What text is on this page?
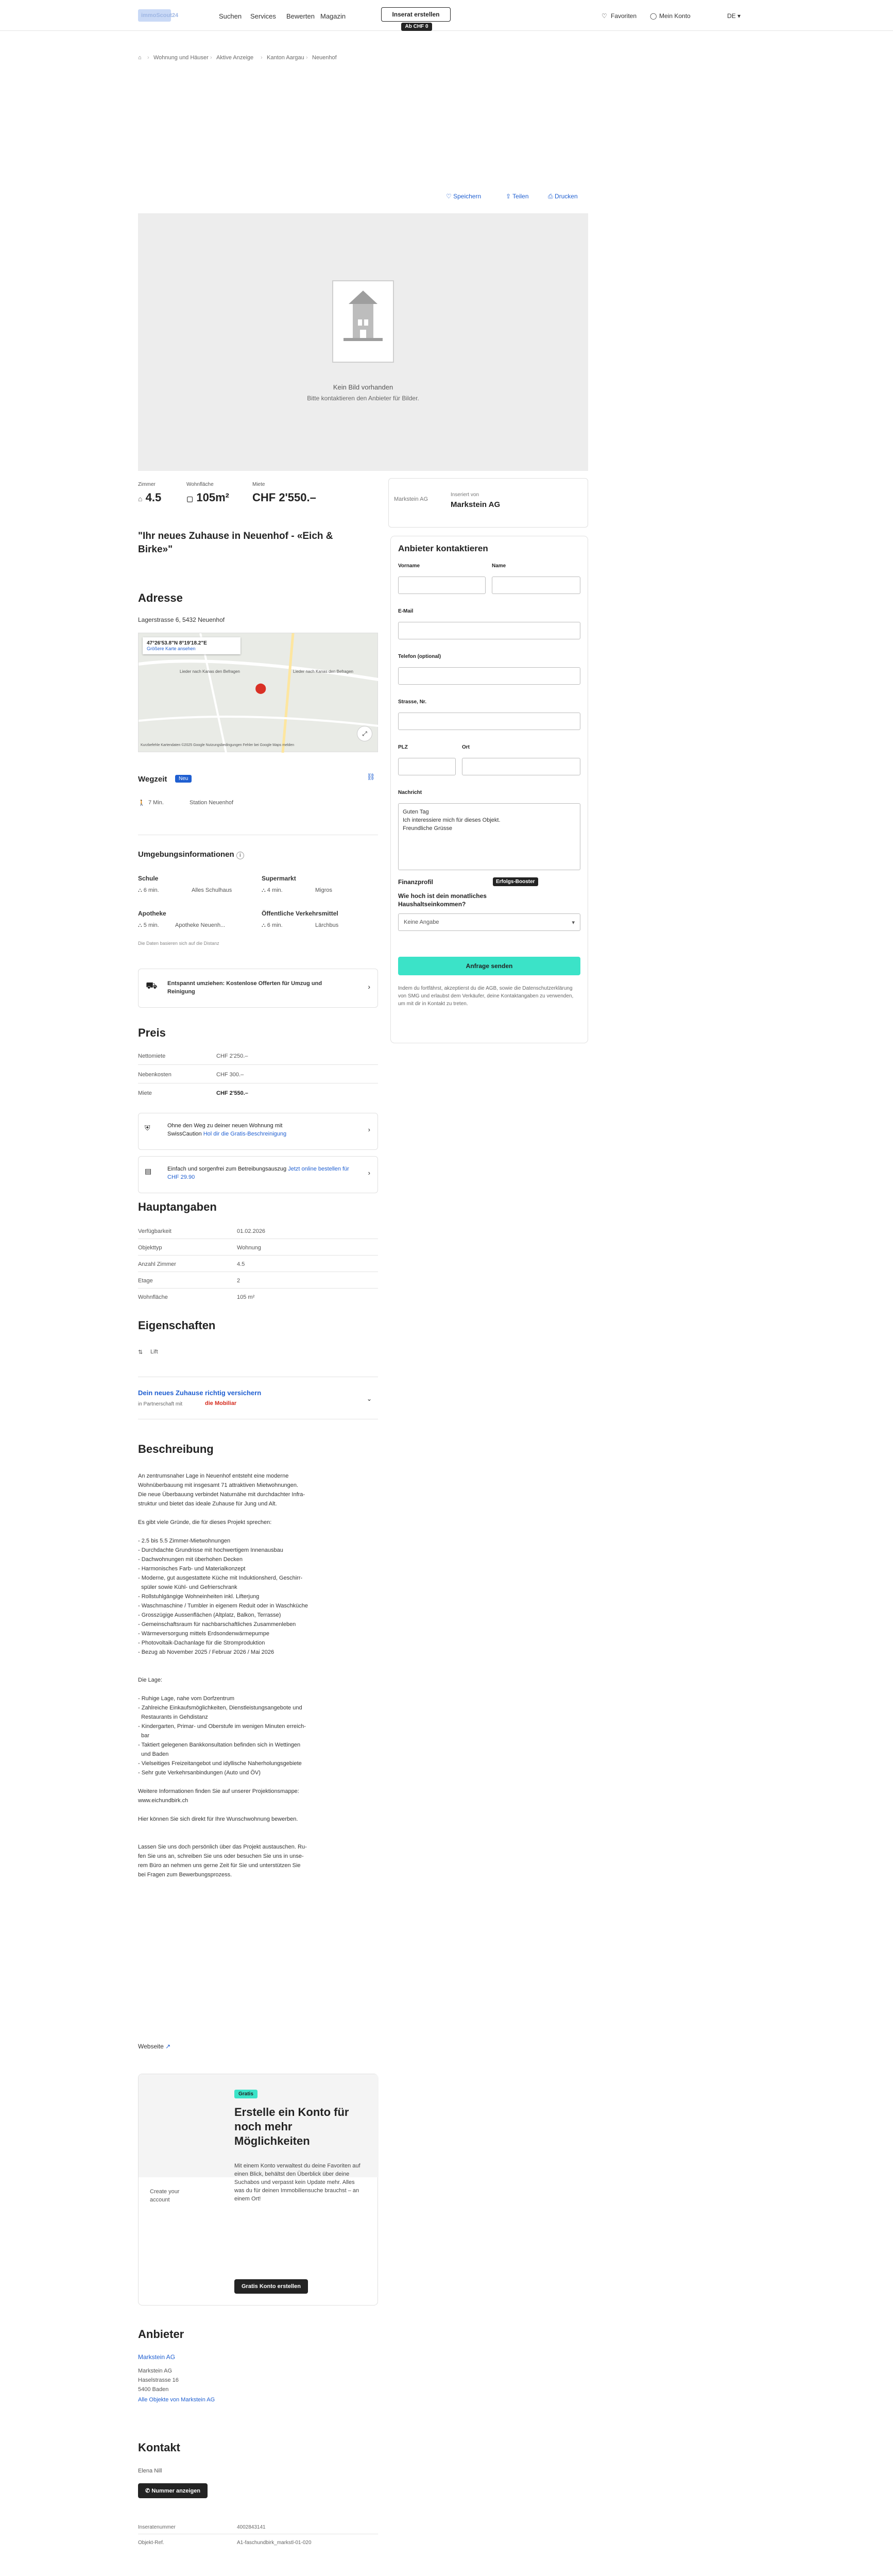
immoScout24	Suchen Services Bewerten Magazin	Inserat erstellen
Ab CHF 0
♡ Favoriten ◯ Mein Konto	DE ▾
⌂ › Wohnung und Häuser › Aktive Anzeige › Kanton Aargau › Neuenhof
♡ Speichern	⇪ Teilen	⎙ Drucken
Kein Bild vorhanden
Bitte kontaktieren den Anbieter für Bilder.
Zimmer
⌂ 4.5
Wohnfläche
▢ 105m²
Miete
CHF 2'550.–	Markstein AG
Inseriert von
Markstein AG
"Ihr neues Zuhause in Neuenhof - «Eich & Birke»"	Anbieter kontaktieren
Vorname	Name
E-Mail
Telefon (optional)
Strasse, Nr.
PLZ	Ort
Nachricht
Guten Tag
Ich interessiere mich für dieses Objekt.
Freundliche Grüsse
Finanzprofil	Erfolgs-Booster
Wie hoch ist dein monatliches Haushaltseinkommen?
Keine Angabe	▾
Anfrage senden
Indem du fortfährst, akzeptierst du die AGB, sowie die Datenschutzerklärung von SMG und erlaubst dem Verkäufer, deine Kontaktangaben zu verwenden, um mit dir in Kontakt zu treten.
Adresse
Lagerstrasse 6, 5432 Neuenhof
47°26'53.8"N 8°19'18.2"E
Größere Karte ansehen
Lieder nach Kanas den Befragen	Lieder nach Kanas den Befragen
⬤
⤢
Kurzbefehle Kartendaten ©2025 Google Nutzungsbedingungen Fehler bei Google Maps melden
⛓
Wegzeit	Neu
🚶 7 Min.	Station Neuenhof
Umgebungsinformationen i
Schule
⛬ 6 min.	Alles Schulhaus
Supermarkt
⛬ 4 min.	Migros
Apotheke
⛬ 5 min.	Apotheke Neuenh...
Öffentliche Verkehrsmittel
⛬ 6 min.	Lärchbus
Die Daten basieren sich auf die Distanz
⛟ Entspannt umziehen: Kostenlose Offerten für Umzug und Reinigung
›
Preis
Nettomiete	CHF 2'250.–
Nebenkosten	CHF 300.–
Miete	CHF 2'550.–
⛨	Ohne den Weg zu deiner neuen Wohnung mit
SwissCaution Hol dir die Gratis-Beschreinigung
›
▤	Einfach und sorgenfrei zum Betreibungsauszug Jetzt online bestellen für CHF 29.90
›
Hauptangaben
Verfügbarkeit	01.02.2026
Objekttyp	Wohnung
Anzahl Zimmer	4.5
Etage	2
Wohnfläche	105 m²
Eigenschaften
⇅ Lift
Dein neues Zuhause richtig versichern
in Partnerschaft mit	die Mobiliar
⌄
Beschreibung
An zentrumsnaher Lage in Neuenhof entsteht eine moderne
Wohnüberbauung mit insgesamt 71 attraktiven Mietwohnungen.
Die neue Überbauung verbindet Naturnähe mit durchdachter Infra-
struktur und bietet das ideale Zuhause für Jung und Alt.
Es gibt viele Gründe, die für dieses Projekt sprechen:
- 2.5 bis 5.5 Zimmer-Mietwohnungen
- Durchdachte Grundrisse mit hochwertigem Innenausbau
- Dachwohnungen mit überhohen Decken
- Harmonisches Farb- und Materialkonzept
- Moderne, gut ausgestattete Küche mit Induktionsherd, Geschirr-
spüler sowie Kühl- und Gefrierschrank
- Rollstuhlgängige Wohneinheiten inkl. Lifterjung
- Waschmaschine / Tumbler in eigenem Reduit oder in Waschküche
- Grosszügige Aussenflächen (Altplatz, Balkon, Terrasse)
- Gemeinschaftsraum für nachbarschaftliches Zusammenleben
- Wärmeversorgung mittels Erdsondenwärmepumpe
- Photovoltaik-Dachanlage für die Stromproduktion
- Bezug ab November 2025 / Februar 2026 / Mai 2026
Die Lage:
- Ruhige Lage, nahe vom Dorfzentrum
- Zahlreiche Einkaufsmöglichkeiten, Dienstleistungsangebote und
Restaurants in Gehdistanz
- Kindergarten, Primar- und Oberstufe im wenigen Minuten erreich-
bar
- Taktiert gelegenen Bankkonsultation befinden sich in Wettingen
und Baden
- Vielseitiges Freizeitangebot und idyllische Naherholungsgebiete
- Sehr gute Verkehrsanbindungen (Auto und ÖV)
Weitere Informationen finden Sie auf unserer Projektionsmappe:
www.eichundbirk.ch
Hier können Sie sich direkt für Ihre Wunschwohnung bewerben.
Lassen Sie uns doch persönlich über das Projekt austauschen. Ru-
fen Sie uns an, schreiben Sie uns oder besuchen Sie uns in unse-
rem Büro an nehmen uns gerne Zeit für Sie und unterstützen Sie
bei Fragen zum Bewerbungsprozess.
Webseite ↗
Create your account
Gratis
Erstelle ein Konto für noch mehr Möglichkeiten
Mit einem Konto verwaltest du deine Favoriten auf einen Blick, behältst den Überblick über deine Suchabos und verpasst kein Update mehr. Alles was du für deinen Immobiliensuche brauchst – an einem Ort!
Gratis Konto erstellen
Anbieter
Markstein AG
Markstein AG
Haselstrasse 16
5400 Baden
Alle Objekte von Markstein AG
Kontakt
Elena Nill
✆ Nummer anzeigen
Inseratenummer	4002843141
Objekt-Ref.	A1-faschundbirk_markstl-01-020
